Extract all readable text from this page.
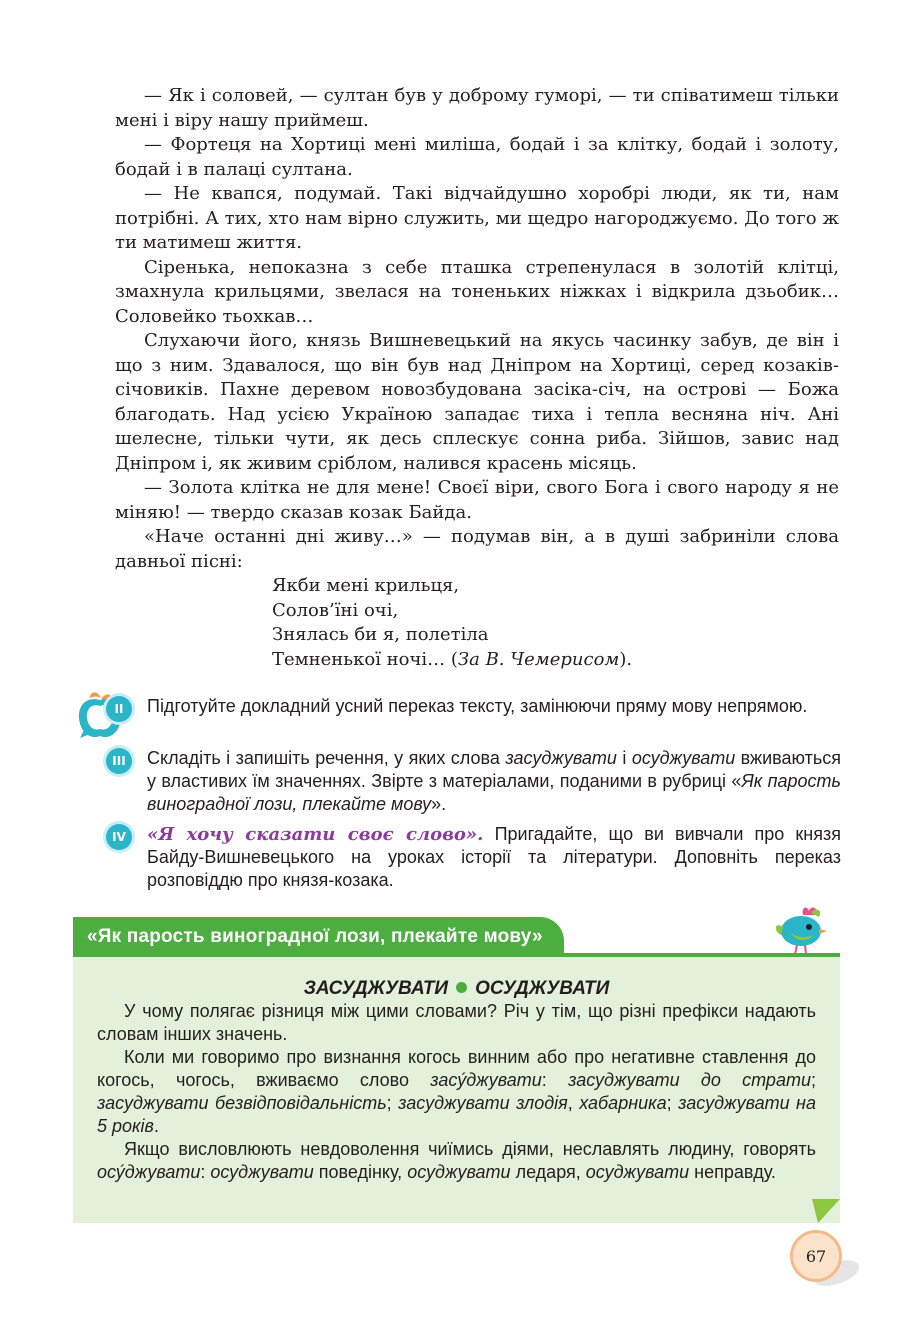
— Як і соловей, — султан був у доброму гуморі, — ти співатимеш тільки мені і віру нашу приймеш.

— Фортеця на Хортиці мені миліша, бодай і за клітку, бодай і золоту, бодай і в палаці султана.

— Не квапся, подумай. Такі відчайдушно хоробрі люди, як ти, нам потрібні. А тих, хто нам вірно служить, ми щедро нагороджуємо. До того ж ти матимеш життя.

Сіренька, непоказна з себе пташка стрепенулася в золотій клітці, змахнула крильцями, звелася на тоненьких ніжках і відкрила дзьобик… Соловейко тьохкав…

Слухаючи його, князь Вишневецький на якусь часинку забув, де він і що з ним. Здавалося, що він був над Дніпром на Хортиці, серед козаків-січовиків. Пахне деревом новозбудована засіка-січ, на острові — Божа благодать. Над усією Україною западає тиха і тепла весняна ніч. Ані шелесне, тільки чути, як десь сплескує сонна риба. Зійшов, завис над Дніпром і, як живим сріблом, налився красень місяць.

— Золота клітка не для мене! Своєї віри, свого Бога і свого народу я не міняю! — твердо сказав козак Байда.

«Наче останні дні живу…» — подумав він, а в душі забриніли слова давньої пісні:

Якби мені крильця,
Солов’їні очі,
Знялась би я, полетіла
Темненької ночі… (За В. Чемерисом).
II	Підготуйте докладний усний переказ тексту, замінюючи пряму мову непрямою.
III	Складіть і запишіть речення, у яких слова засуджувати і осуджувати вживаються у властивих їм значеннях. Звірте з матеріалами, поданими в рубриці «Як парость виноградної лози, плекайте мову».
IV	«Я хочу сказати своє слово». Пригадайте, що ви вивчали про князя Байду-Вишневецького на уроках історії та літератури. Доповніть переказ розповіддю про князя-козака.
«Як парость виноградної лози, плекайте мову»

ЗАСУДЖУВАТИ ОСУДЖУВАТИ

У чому полягає різниця між цими словами? Річ у тім, що різні префікси надають словам інших значень.

Коли ми говоримо про визнання когось винним або про негативне ставлення до когось, чогось, вживаємо слово засу́джувати: засуджувати до страти; засуджувати безвідповідальність; засуджувати злодія, хабарника; засуджувати на 5 років.

Якщо висловлюють невдоволення чиїмись діями, неславлять людину, говорять осу́джувати: осуджувати поведінку, осуджувати ледаря, осуджувати неправду.

67
